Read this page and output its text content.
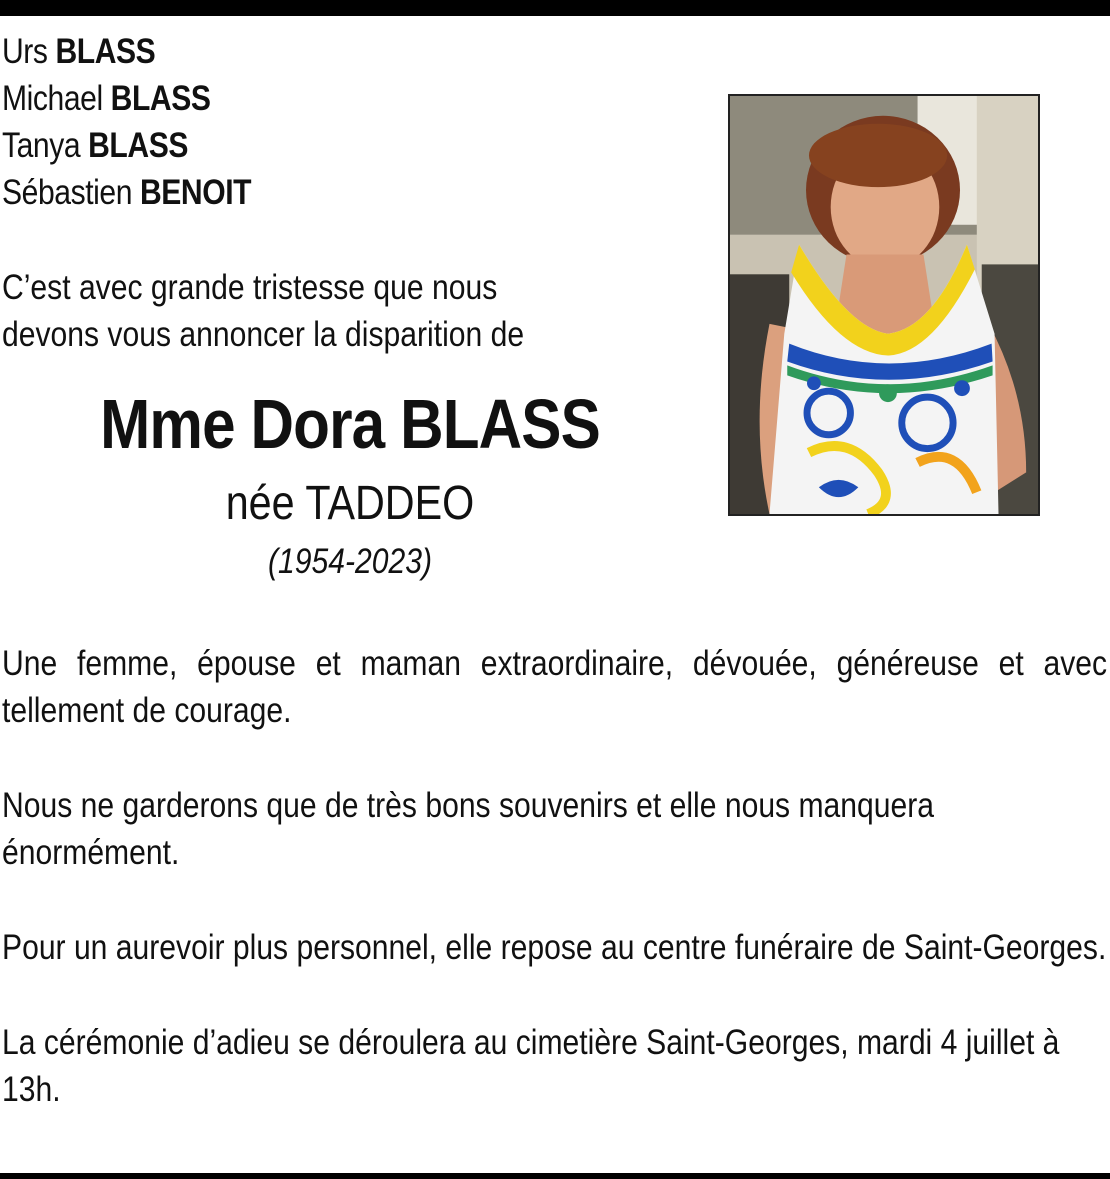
Urs BLASS
Michael BLASS
Tanya BLASS
Sébastien BENOIT
C’est avec grande tristesse que nous
devons vous annoncer la disparition de
Mme Dora BLASS
née TADDEO
(1954-2023)

Une femme, épouse et maman extraordinaire, dévouée, généreuse et avec tellement de courage.

Nous ne garderons que de très bons souvenirs et elle nous manquera énormément.

Pour un aurevoir plus personnel, elle repose au centre funéraire de Saint-Georges.

La cérémonie d’adieu se déroulera au cimetière Saint-Georges, mardi 4 juillet à 13h.
